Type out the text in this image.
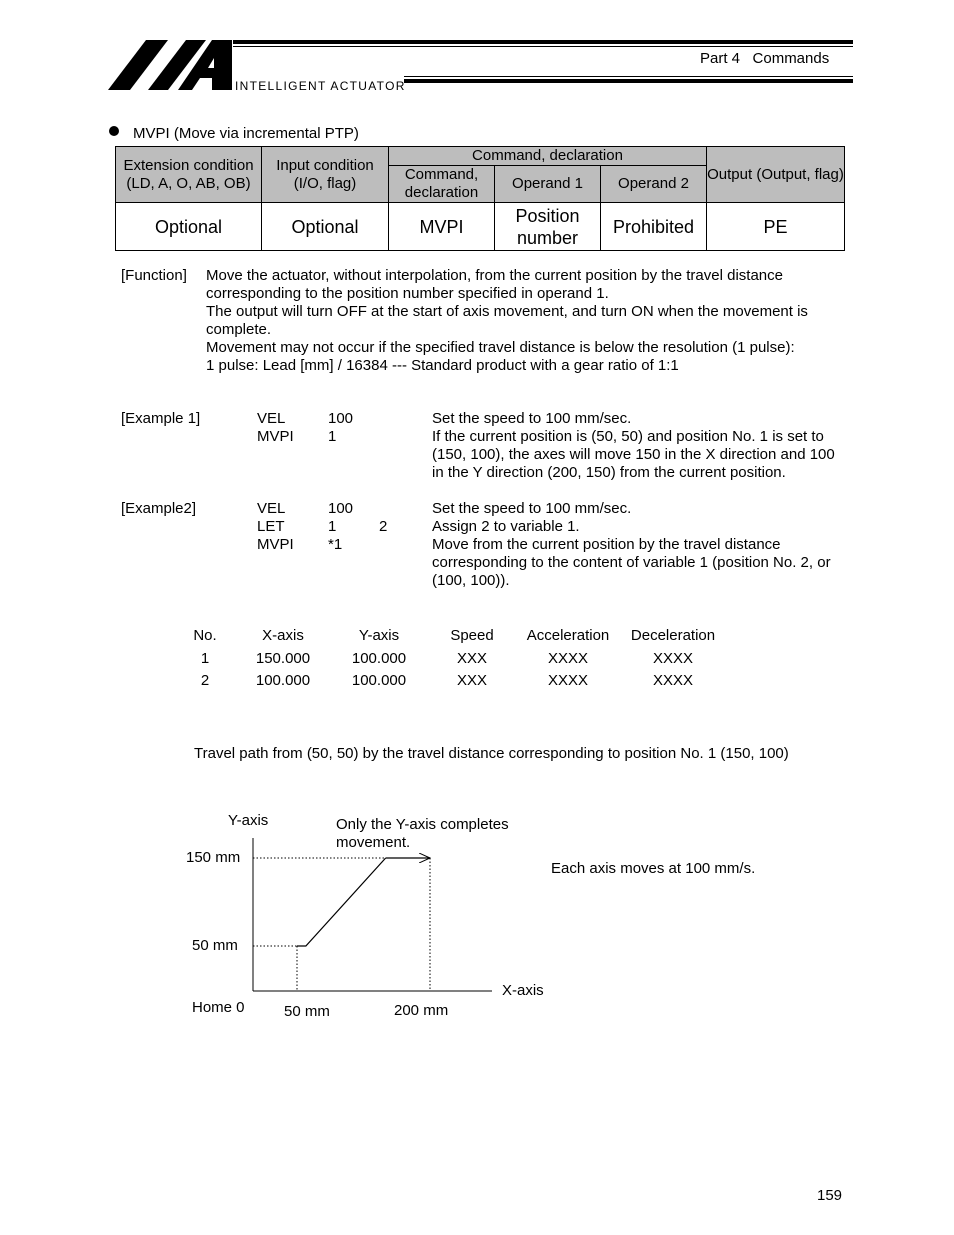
INTELLIGENT ACTUATOR
Part 4   Commands
MVPI (Move via incremental PTP)
Extension condition (LD, A, O, AB, OB)	Input condition (I/O, flag)	Command, declaration			Output (Output, flag)
		Command, declaration	Operand 1	Operand 2	
Optional	Optional	MVPI	Position number	Prohibited	PE
[Function] Move the actuator, without interpolation, from the current position by the travel distance
corresponding to the position number specified in operand 1.
The output will turn OFF at the start of axis movement, and turn ON when the movement is
complete.
Movement may not occur if the specified travel distance is below the resolution (1 pulse):
1 pulse: Lead [mm] / 16384 --- Standard product with a gear ratio of 1:1
[Example 1]	VEL	100	Set the speed to 100 mm/sec.
MVPI 1	If the current position is (50, 50) and position No. 1 is set to
(150, 100), the axes will move 150 in the X direction and 100
in the Y direction (200, 150) from the current position.
[Example2]	VEL	100	Set the speed to 100 mm/sec.
LET	1	2	Assign 2 to variable 1.
MVPI *1	Move from the current position by the travel distance
corresponding to the content of variable 1 (position No. 2, or
(100, 100)).
No.	X-axis	Y-axis	Speed	Acceleration	Deceleration
1	150.000	100.000	XXX	XXXX	XXXX
2	100.000	100.000	XXX	XXXX	XXXX
Travel path from (50, 50) by the travel distance corresponding to position No. 1 (150, 100)
Y-axis
X-axis
150 mm
50 mm
Home 0	50 mm	200 mm
Only the Y-axis completes
movement.
Each axis moves at 100 mm/s.
159
